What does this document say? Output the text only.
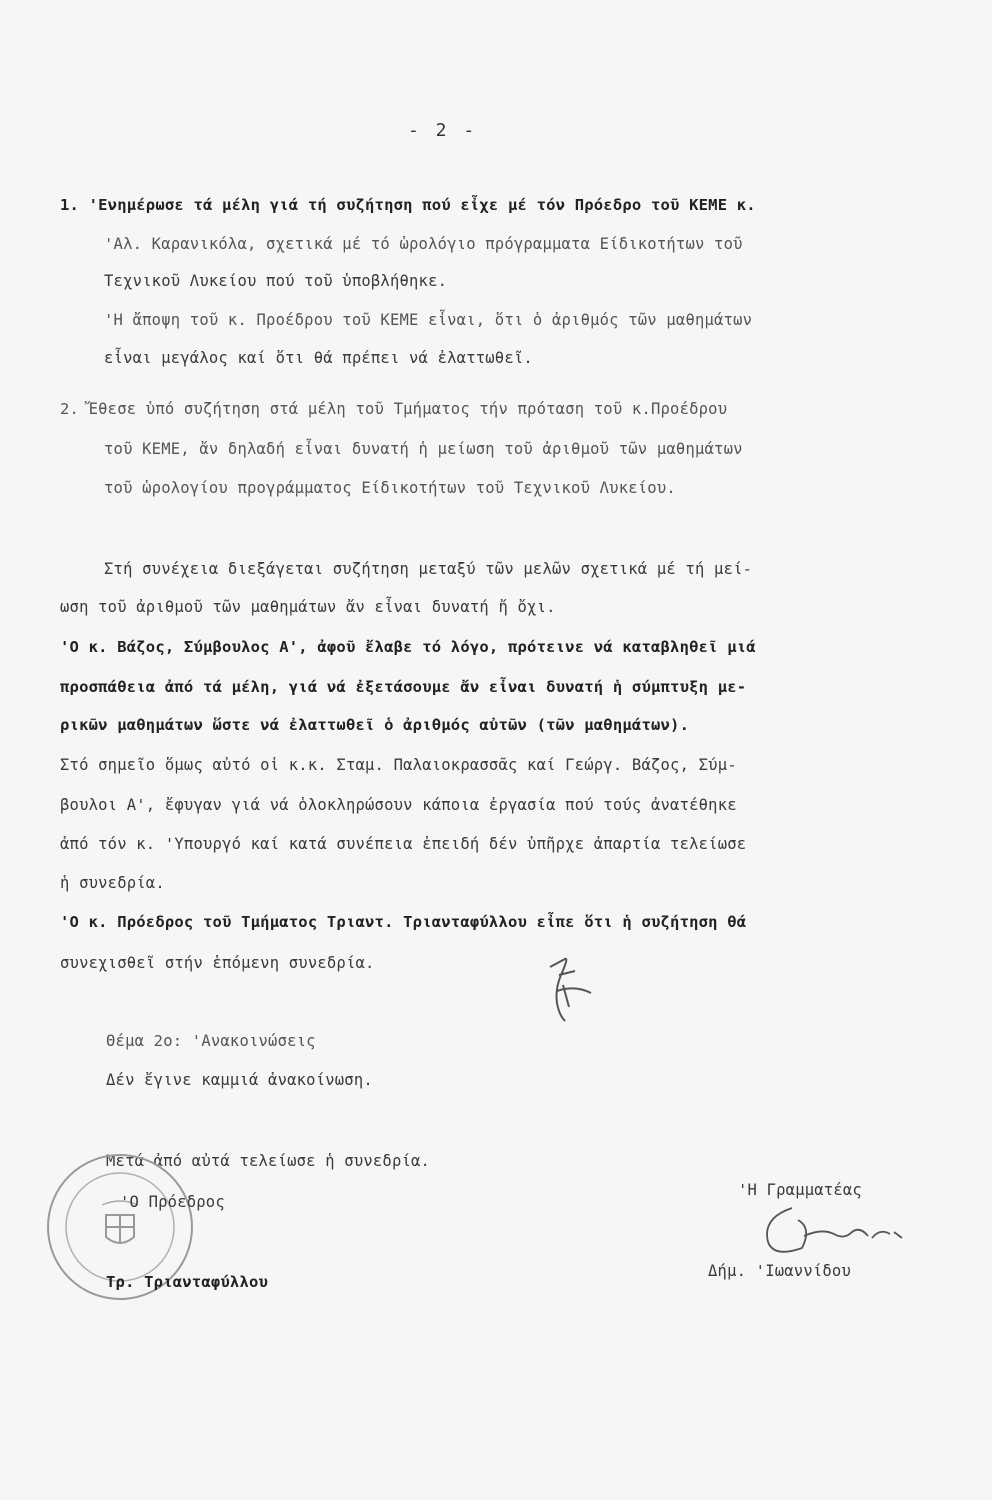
- 2 -
1. 'Ενημέρωσε τά μέλη γιά τή συζήτηση πού εἶχε μέ τόν Πρόεδρο τοῦ ΚΕΜΕ κ.
'Αλ. Καρανικόλα, σχετικά μέ τό ὡρολόγιο πρόγραμματα Είδικοτήτων τοῦ
Τεχνικοῦ Λυκείου πού τοῦ ὑποβλήθηκε.
'Η ἄποψη τοῦ κ. Προέδρου τοῦ ΚΕΜΕ εἶναι, ὅτι ὁ ἀριθμός τῶν μαθημάτων
εἶναι μεγάλος καί ὅτι θά πρέπει νά ἐλαττωθεῖ.
2. Ἔθεσε ὑπό συζήτηση στά μέλη τοῦ Τμήματος τήν πρόταση τοῦ κ.Προέδρου
τοῦ ΚΕΜΕ, ἄν δηλαδή εἶναι δυνατή ἡ μείωση τοῦ ἀριθμοῦ τῶν μαθημάτων
τοῦ ὡρολογίου προγράμματος Είδικοτήτων τοῦ Τεχνικοῦ Λυκείου.
Στή συνέχεια διεξάγεται συζήτηση μεταξύ τῶν μελῶν σχετικά μέ τή μεί-
ωση τοῦ ἀριθμοῦ τῶν μαθημάτων ἄν εἶναι δυνατή ἤ ὄχι.
'Ο κ. Βάζος, Σύμβουλος Α', ἀφοῦ ἔλαβε τό λόγο, πρότεινε νά καταβληθεῖ μιά
προσπάθεια ἀπό τά μέλη, γιά νά ἐξετάσουμε ἄν εἶναι δυνατή ἡ σύμπτυξη με-
ρικῶν μαθημάτων ὥστε νά ἐλαττωθεῖ ὁ ἀριθμός αὐτῶν (τῶν μαθημάτων).
Στό σημεῖο ὅμως αὐτό οἱ κ.κ. Σταμ. Παλαιοκρασσᾶς καί Γεώργ. Βάζος, Σύμ-
βουλοι Α', ἔφυγαν γιά νά ὁλοκληρώσουν κάποια ἐργασία πού τούς ἀνατέθηκε
ἀπό τόν κ. 'Υπουργό καί κατά συνέπεια ἐπειδή δέν ὑπῆρχε ἀπαρτία τελείωσε
ἡ συνεδρία.
'Ο κ. Πρόεδρος τοῦ Τμήματος Τριαντ. Τριανταφύλλου εἶπε ὅτι ἡ συζήτηση θά
συνεχισθεῖ στήν ἑπόμενη συνεδρία.
Θέμα 2ο: 'Ανακοινώσεις
Δέν ἔγινε καμμιά ἀνακοίνωση.
Μετά ἀπό αὐτά τελείωσε ἡ συνεδρία.
'Ο Πρόεδρος
Τρ. Τριανταφύλλου
'Η Γραμματέας
Δήμ. 'Ιωαννίδου
